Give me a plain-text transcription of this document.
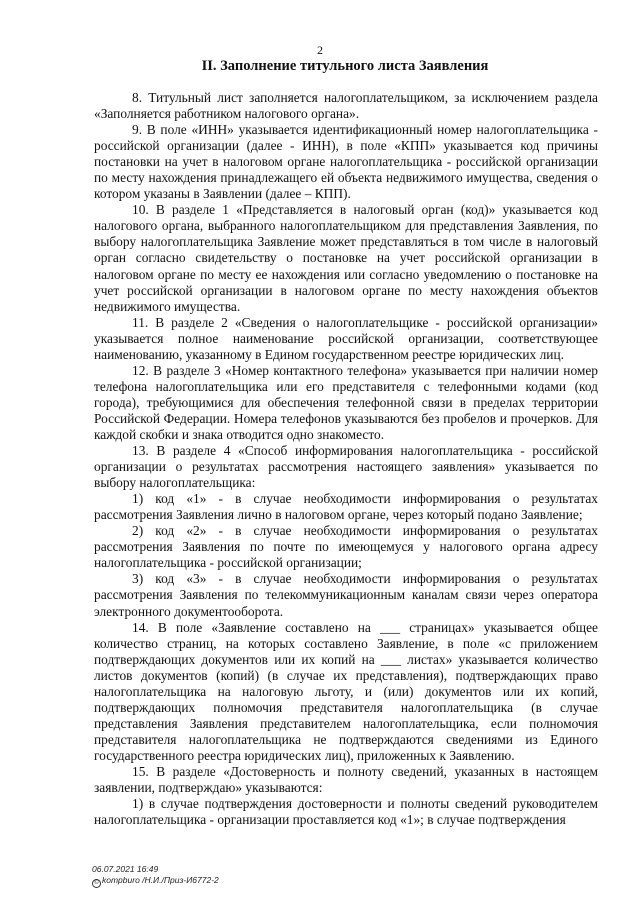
2
II. Заполнение титульного листа Заявления

8. Титульный лист заполняется налогоплательщиком, за исключением раздела «Заполняется работником налогового органа».

9. В поле «ИНН» указывается идентификационный номер налогоплательщика - российской организации (далее - ИНН), в поле «КПП» указывается код причины постановки на учет в налоговом органе налогоплательщика - российской организации по месту нахождения принадлежащего ей объекта недвижимого имущества, сведения о котором указаны в Заявлении (далее – КПП).

10. В разделе 1 «Представляется в налоговый орган (код)» указывается код налогового органа, выбранного налогоплательщиком для представления Заявления, по выбору налогоплательщика Заявление может представляться в том числе в налоговый орган согласно свидетельству о постановке на учет российской организации в налоговом органе по месту ее нахождения или согласно уведомлению о постановке на учет российской организации в налоговом органе по месту нахождения объектов недвижимого имущества.

11. В разделе 2 «Сведения о налогоплательщике - российской организации» указывается полное наименование российской организации, соответствующее наименованию, указанному в Едином государственном реестре юридических лиц.

12. В разделе 3 «Номер контактного телефона» указывается при наличии номер телефона налогоплательщика или его представителя с телефонными кодами (код города), требующимися для обеспечения телефонной связи в пределах территории Российской Федерации. Номера телефонов указываются без пробелов и прочерков. Для каждой скобки и знака отводится одно знакоместо.

13. В разделе 4 «Способ информирования налогоплательщика - российской организации о результатах рассмотрения настоящего заявления» указывается по выбору налогоплательщика:

1) код «1» - в случае необходимости информирования о результатах рассмотрения Заявления лично в налоговом органе, через который подано Заявление;

2) код «2» - в случае необходимости информирования о результатах рассмотрения Заявления по почте по имеющемуся у налогового органа адресу налогоплательщика - российской организации;

3) код «3» - в случае необходимости информирования о результатах рассмотрения Заявления по телекоммуникационным каналам связи через оператора электронного документооборота.

14. В поле «Заявление составлено на ___ страницах» указывается общее количество страниц, на которых составлено Заявление, в поле «с приложением подтверждающих документов или их копий на ___ листах» указывается количество листов документов (копий) (в случае их представления), подтверждающих право налогоплательщика на налоговую льготу, и (или) документов или их копий, подтверждающих полномочия представителя налогоплательщика (в случае представления Заявления представителем налогоплательщика, если полномочия представителя налогоплательщика не подтверждаются сведениями из Единого государственного реестра юридических лиц), приложенных к Заявлению.

15. В разделе «Достоверность и полноту сведений, указанных в настоящем заявлении, подтверждаю» указываются:

1) в случае подтверждения достоверности и полноты сведений руководителем налогоплательщика - организации проставляется код «1»; в случае подтверждения

06.07.2021 16:49
© kompburo /Н.И./Приз-И6772-2
